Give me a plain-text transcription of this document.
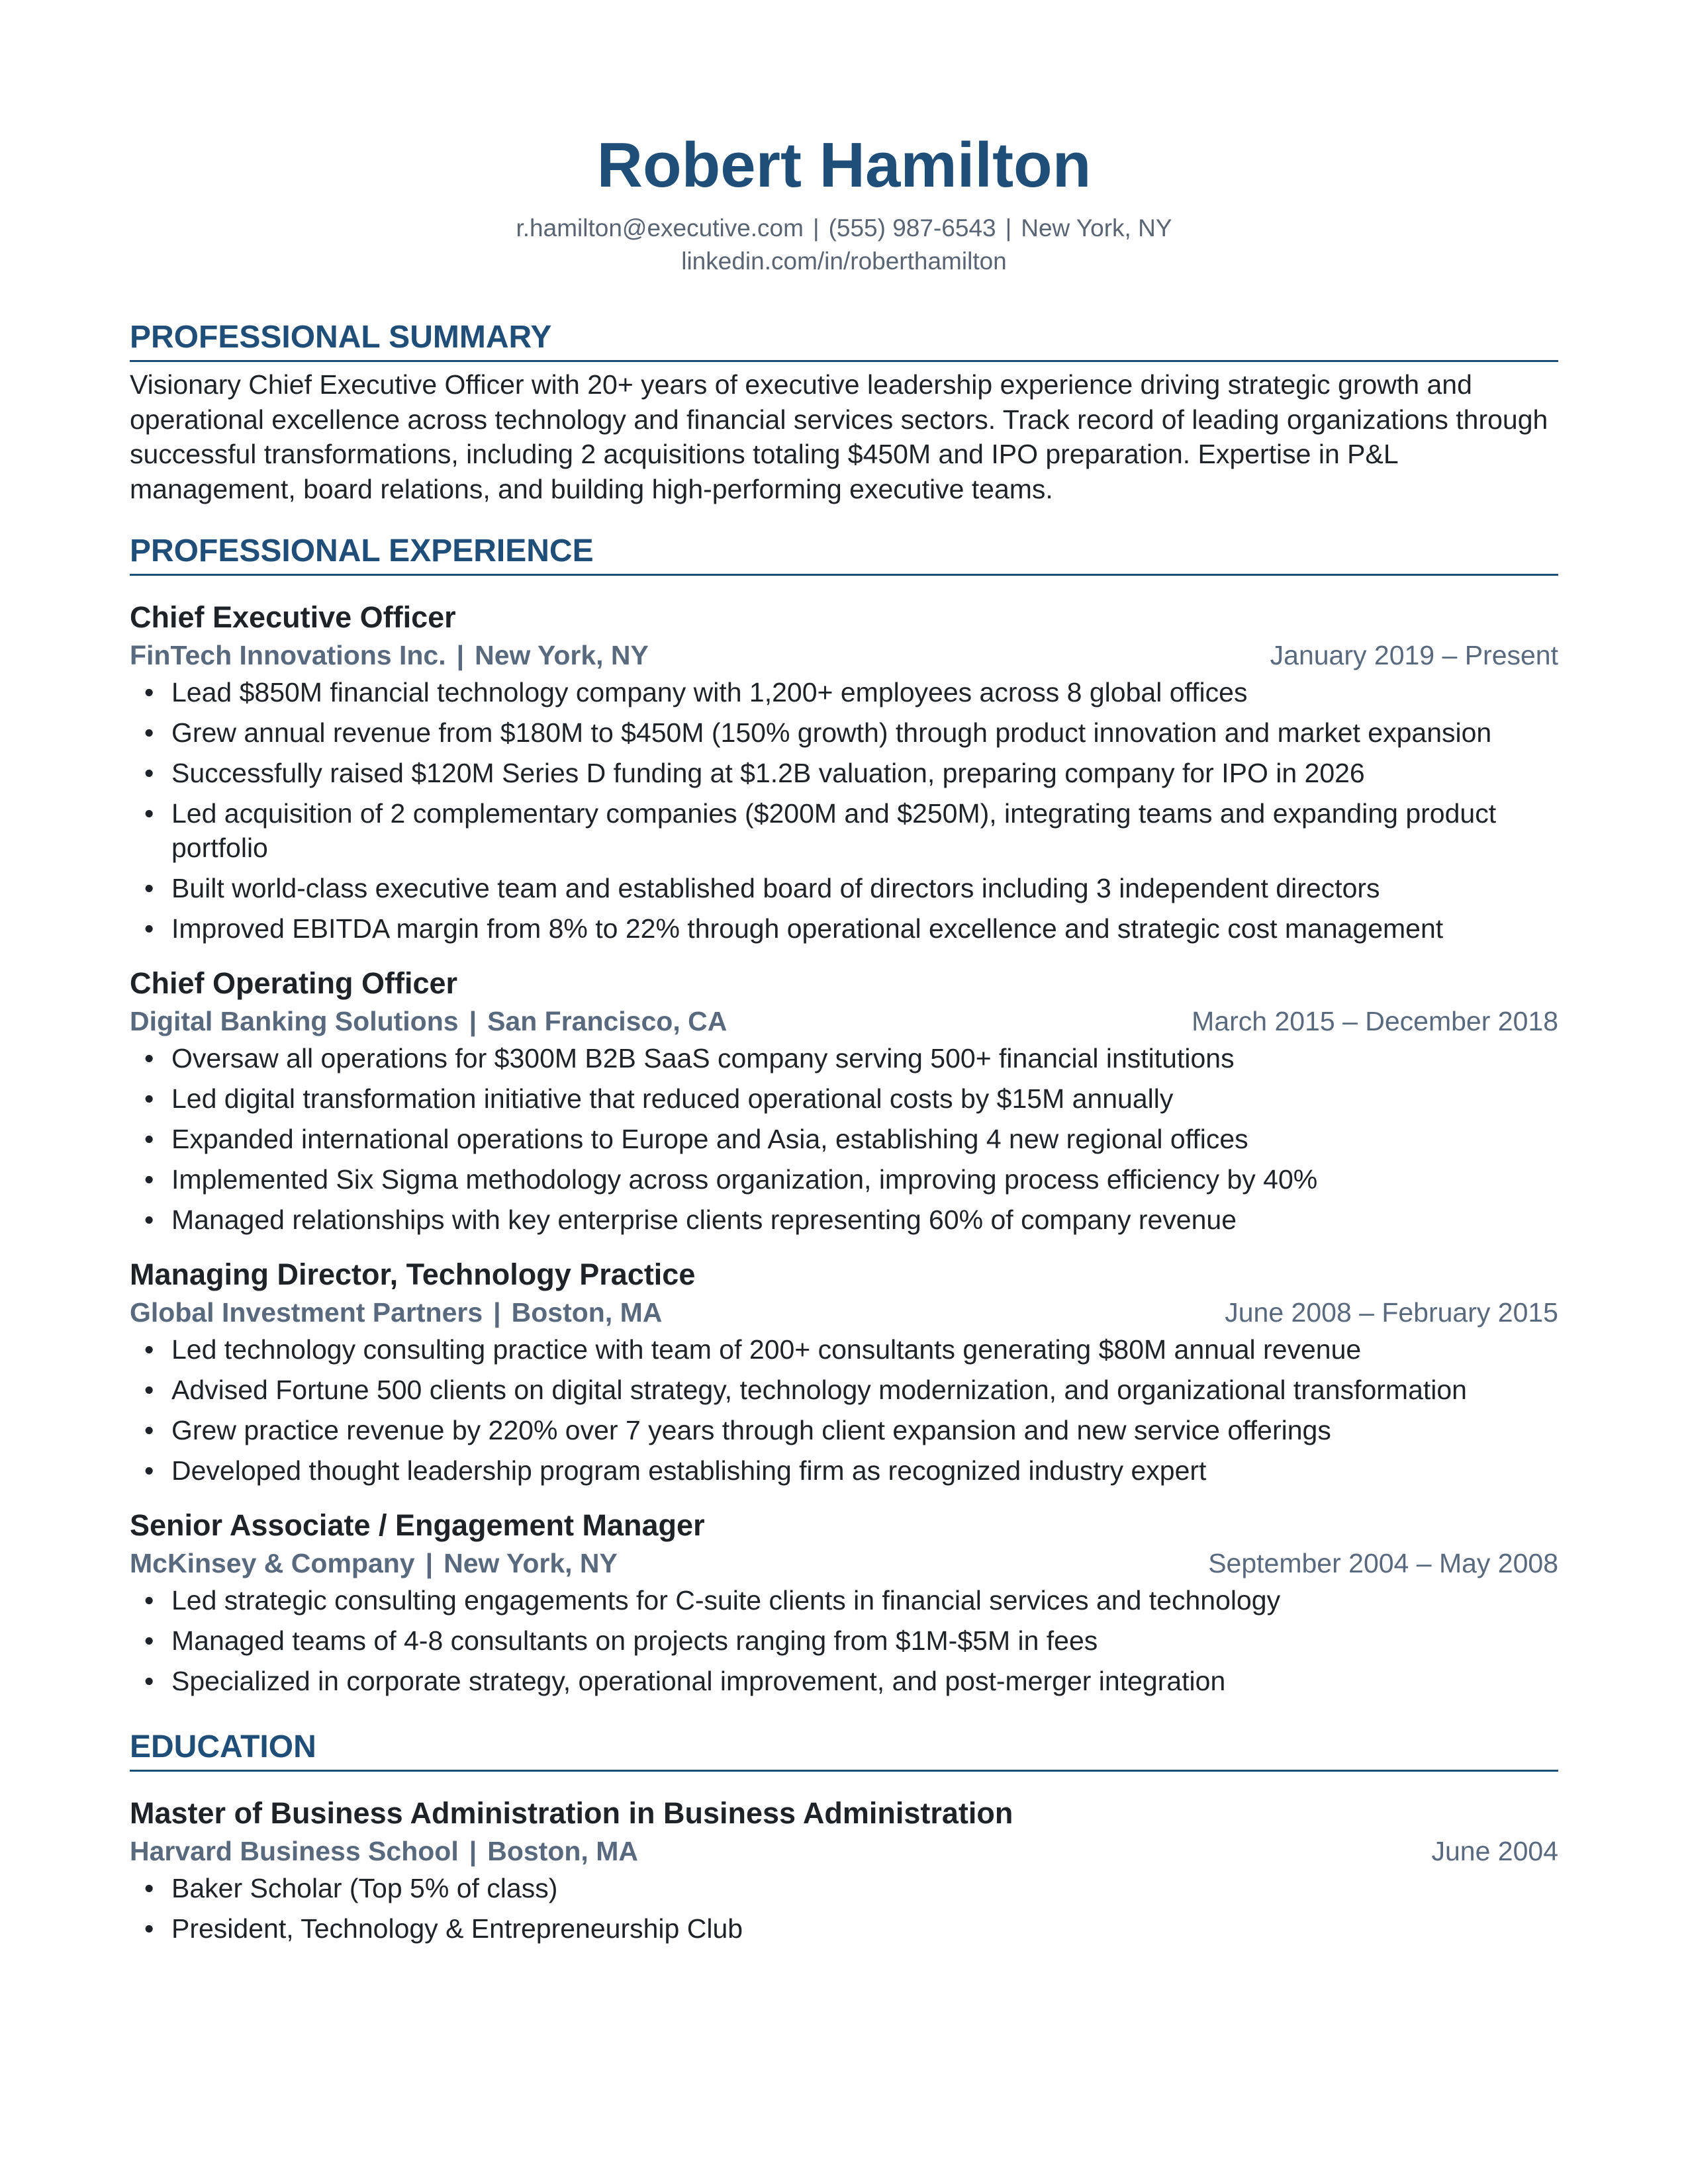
Robert Hamilton
r.hamilton@executive.com | (555) 987-6543 | New York, NY
linkedin.com/in/roberthamilton
PROFESSIONAL SUMMARY
Visionary Chief Executive Officer with 20+ years of executive leadership experience driving strategic growth and operational excellence across technology and financial services sectors. Track record of leading organizations through successful transformations, including 2 acquisitions totaling $450M and IPO preparation. Expertise in P&L management, board relations, and building high-performing executive teams.
PROFESSIONAL EXPERIENCE
Chief Executive Officer
FinTech Innovations Inc. | New York, NY	January 2019 – Present
• Lead $850M financial technology company with 1,200+ employees across 8 global offices
• Grew annual revenue from $180M to $450M (150% growth) through product innovation and market expansion
• Successfully raised $120M Series D funding at $1.2B valuation, preparing company for IPO in 2026
• Led acquisition of 2 complementary companies ($200M and $250M), integrating teams and expanding product portfolio
• Built world-class executive team and established board of directors including 3 independent directors
• Improved EBITDA margin from 8% to 22% through operational excellence and strategic cost management
Chief Operating Officer
Digital Banking Solutions | San Francisco, CA	March 2015 – December 2018
• Oversaw all operations for $300M B2B SaaS company serving 500+ financial institutions
• Led digital transformation initiative that reduced operational costs by $15M annually
• Expanded international operations to Europe and Asia, establishing 4 new regional offices
• Implemented Six Sigma methodology across organization, improving process efficiency by 40%
• Managed relationships with key enterprise clients representing 60% of company revenue
Managing Director, Technology Practice
Global Investment Partners | Boston, MA	June 2008 – February 2015
• Led technology consulting practice with team of 200+ consultants generating $80M annual revenue
• Advised Fortune 500 clients on digital strategy, technology modernization, and organizational transformation
• Grew practice revenue by 220% over 7 years through client expansion and new service offerings
• Developed thought leadership program establishing firm as recognized industry expert
Senior Associate / Engagement Manager
McKinsey & Company | New York, NY	September 2004 – May 2008
• Led strategic consulting engagements for C-suite clients in financial services and technology
• Managed teams of 4-8 consultants on projects ranging from $1M-$5M in fees
• Specialized in corporate strategy, operational improvement, and post-merger integration
EDUCATION
Master of Business Administration in Business Administration
Harvard Business School | Boston, MA	June 2004
• Baker Scholar (Top 5% of class)
• President, Technology & Entrepreneurship Club
